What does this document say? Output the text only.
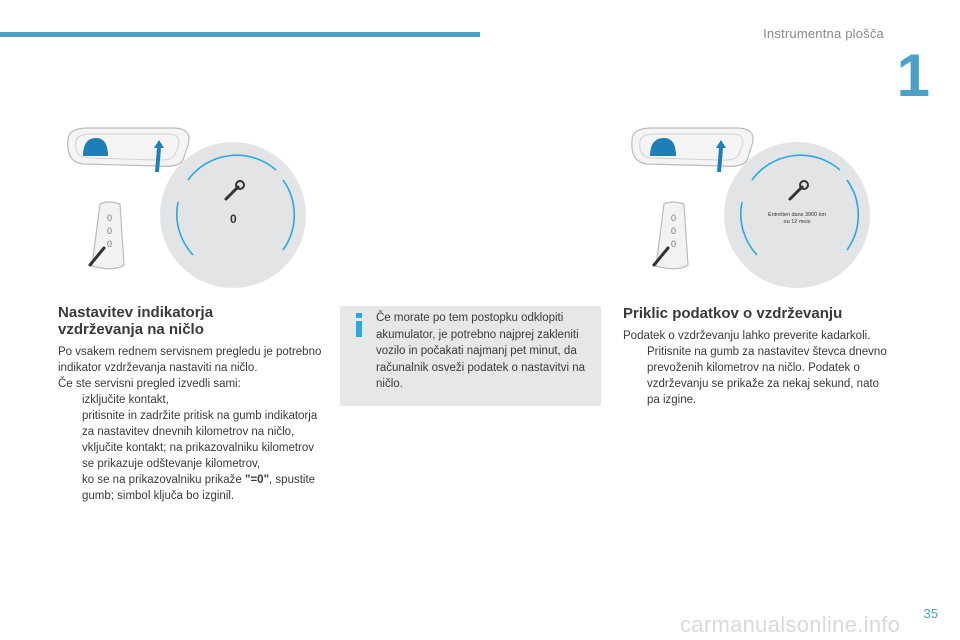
Instrumentna plošča
1
0
0
0
0
Entretien dans 3900 km
ou 12 mois
0
0
0
Nastavitev indikatorja
vzdrževanja na ničlo

Po vsakem rednem servisnem pregledu je potrebno indikator vzdrževanja nastaviti na ničlo.

Če ste servisni pregled izvedli sami:

izključite kontakt,
pritisnite in zadržite pritisk na gumb indikatorja za nastavitev dnevnih kilometrov na ničlo,
vključite kontakt; na prikazovalniku kilometrov se prikazuje odštevanje kilometrov,
ko se na prikazovalniku prikaže "=0", spustite gumb; simbol ključa bo izginil.
Če morate po tem postopku odklopiti akumulator, je potrebno najprej zakleniti vozilo in počakati najmanj pet minut, da računalnik osveži podatek o nastavitvi na ničlo.
Priklic podatkov o vzdrževanju

Podatek o vzdrževanju lahko preverite kadarkoli.

Pritisnite na gumb za nastavitev števca dnevno prevoženih kilometrov na ničlo. Podatek o vzdrževanju se prikaže za nekaj sekund, nato pa izgine.
35
carmanualsonline.info
